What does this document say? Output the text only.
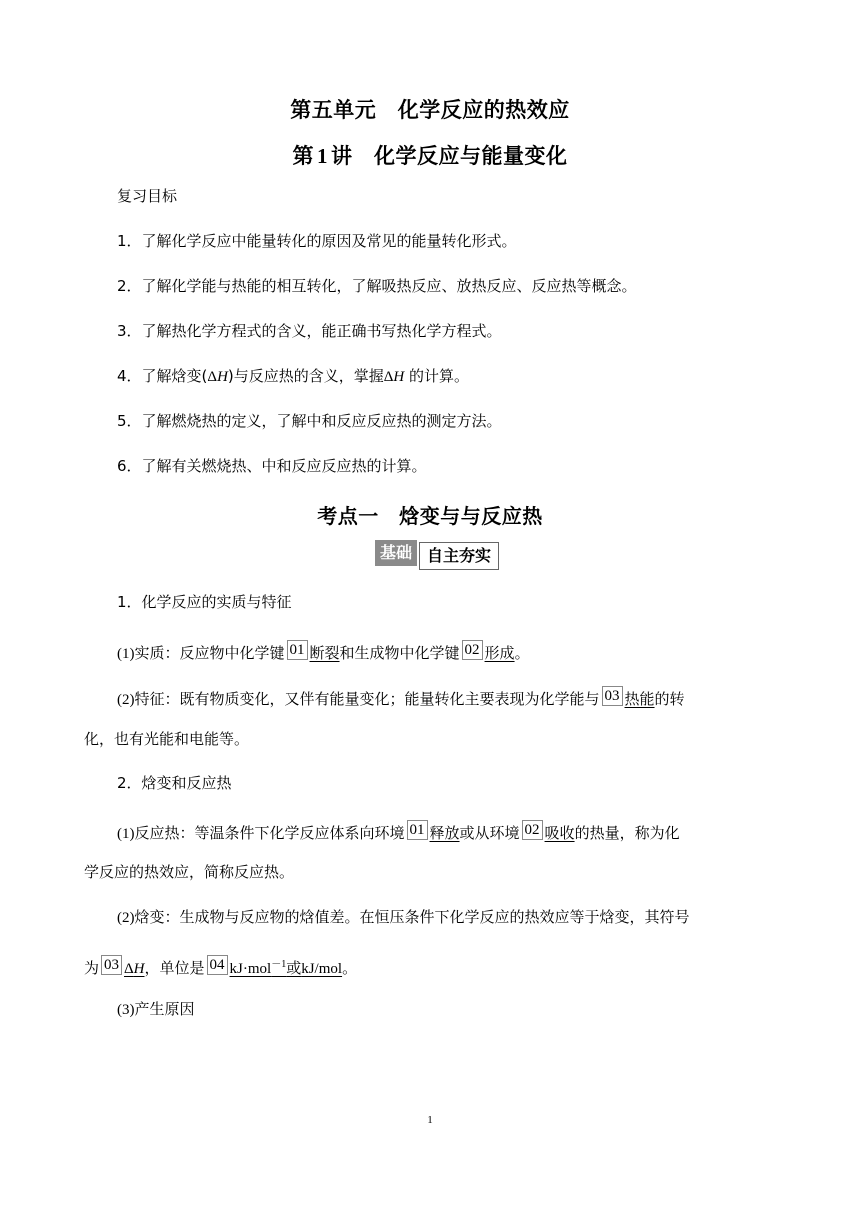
第五单元　化学反应的热效应
第 1 讲　化学反应与能量变化
复习目标
1．了解化学反应中能量转化的原因及常见的能量转化形式。
2．了解化学能与热能的相互转化，了解吸热反应、放热反应、反应热等概念。
3．了解热化学方程式的含义，能正确书写热化学方程式。
4．了解焓变(ΔH)与反应热的含义，掌握ΔH 的计算。
5．了解燃烧热的定义，了解中和反应反应热的测定方法。
6．了解有关燃烧热、中和反应反应热的计算。
考点一　焓变与与反应热
基础 自主夯实
1．化学反应的实质与特征
(1)实质：反应物中化学键 01 断裂和生成物中化学键 02 形成。
(2)特征：既有物质变化，又伴有能量变化；能量转化主要表现为化学能与 03 热能的转
化，也有光能和电能等。
2．焓变和反应热
(1)反应热：等温条件下化学反应体系向环境 01 释放或从环境 02 吸收的热量，称为化
学反应的热效应，简称反应热。
(2)焓变：生成物与反应物的焓值差。在恒压条件下化学反应的热效应等于焓变，其符号
为 03 ΔH，单位是 04 kJ·mol$^{-1}$或kJ/mol。
(3)产生原因
1
